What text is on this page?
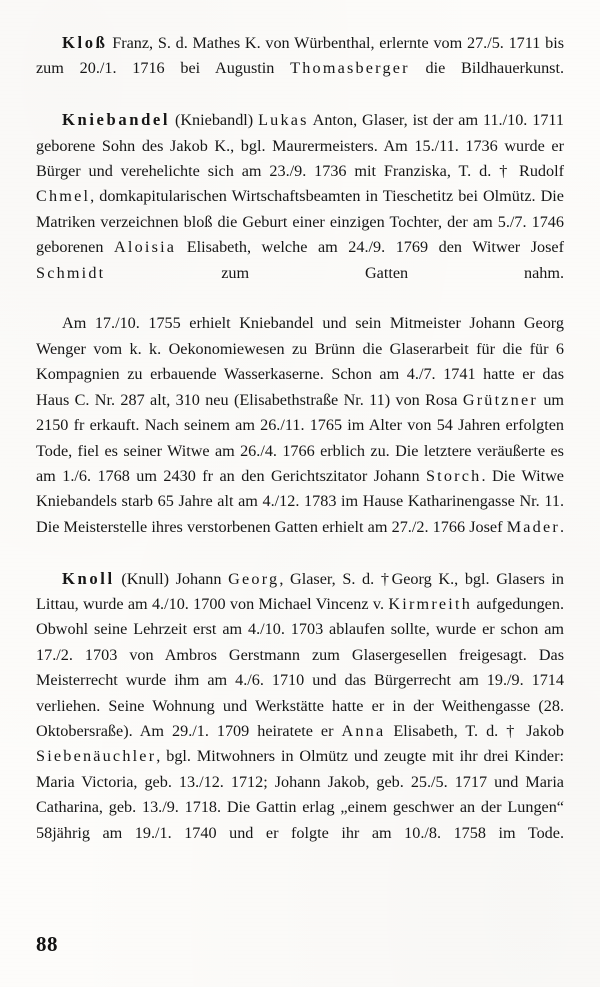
Kloß Franz, S. d. Mathes K. von Würbenthal, erlernte vom 27./5. 1711 bis zum 20./1. 1716 bei Augustin Thomasberger die Bildhauerkunst.

Kniebandel (Kniebandl) Lukas Anton, Glaser, ist der am 11./10. 1711 geborene Sohn des Jakob K., bgl. Maurermeisters. Am 15./11. 1736 wurde er Bürger und verehelichte sich am 23./9. 1736 mit Franziska, T. d. † Rudolf Chmel, domkapitularischen Wirtschaftsbeamten in Tieschetitz bei Olmütz. Die Matriken verzeichnen bloß die Geburt einer einzigen Tochter, der am 5./7. 1746 geborenen Aloisia Elisabeth, welche am 24./9. 1769 den Witwer Josef Schmidt zum Gatten nahm.

Am 17./10. 1755 erhielt Kniebandel und sein Mitmeister Johann Georg Wenger vom k. k. Oekonomiewesen zu Brünn die Glaserarbeit für die für 6 Kompagnien zu erbauende Wasserkaserne. Schon am 4./7. 1741 hatte er das Haus C. Nr. 287 alt, 310 neu (Elisabethstraße Nr. 11) von Rosa Grützner um 2150 fr erkauft. Nach seinem am 26./11. 1765 im Alter von 54 Jahren erfolgten Tode, fiel es seiner Witwe am 26./4. 1766 erblich zu. Die letztere veräußerte es am 1./6. 1768 um 2430 fr an den Gerichtszitator Johann Storch. Die Witwe Kniebandels starb 65 Jahre alt am 4./12. 1783 im Hause Katharinengasse Nr. 11. Die Meisterstelle ihres verstorbenen Gatten erhielt am 27./2. 1766 Josef Mader.

Knoll (Knull) Johann Georg, Glaser, S. d. †Georg K., bgl. Glasers in Littau, wurde am 4./10. 1700 von Michael Vincenz v. Kirmreith aufgedungen. Obwohl seine Lehrzeit erst am 4./10. 1703 ablaufen sollte, wurde er schon am 17./2. 1703 von Ambros Gerstmann zum Glasergesellen freigesagt. Das Meisterrecht wurde ihm am 4./6. 1710 und das Bürgerrecht am 19./9. 1714 verliehen. Seine Wohnung und Werkstätte hatte er in der Weithengasse (28. Oktobersraße). Am 29./1. 1709 heiratete er Anna Elisabeth, T. d. † Jakob Siebenäuchler, bgl. Mitwohners in Olmütz und zeugte mit ihr drei Kinder: Maria Victoria, geb. 13./12. 1712; Johann Jakob, geb. 25./5. 1717 und Maria Catharina, geb. 13./9. 1718. Die Gattin erlag „einem geschwer an der Lungen“ 58jährig am 19./1. 1740 und er folgte ihr am 10./8. 1758 im Tode.

88
